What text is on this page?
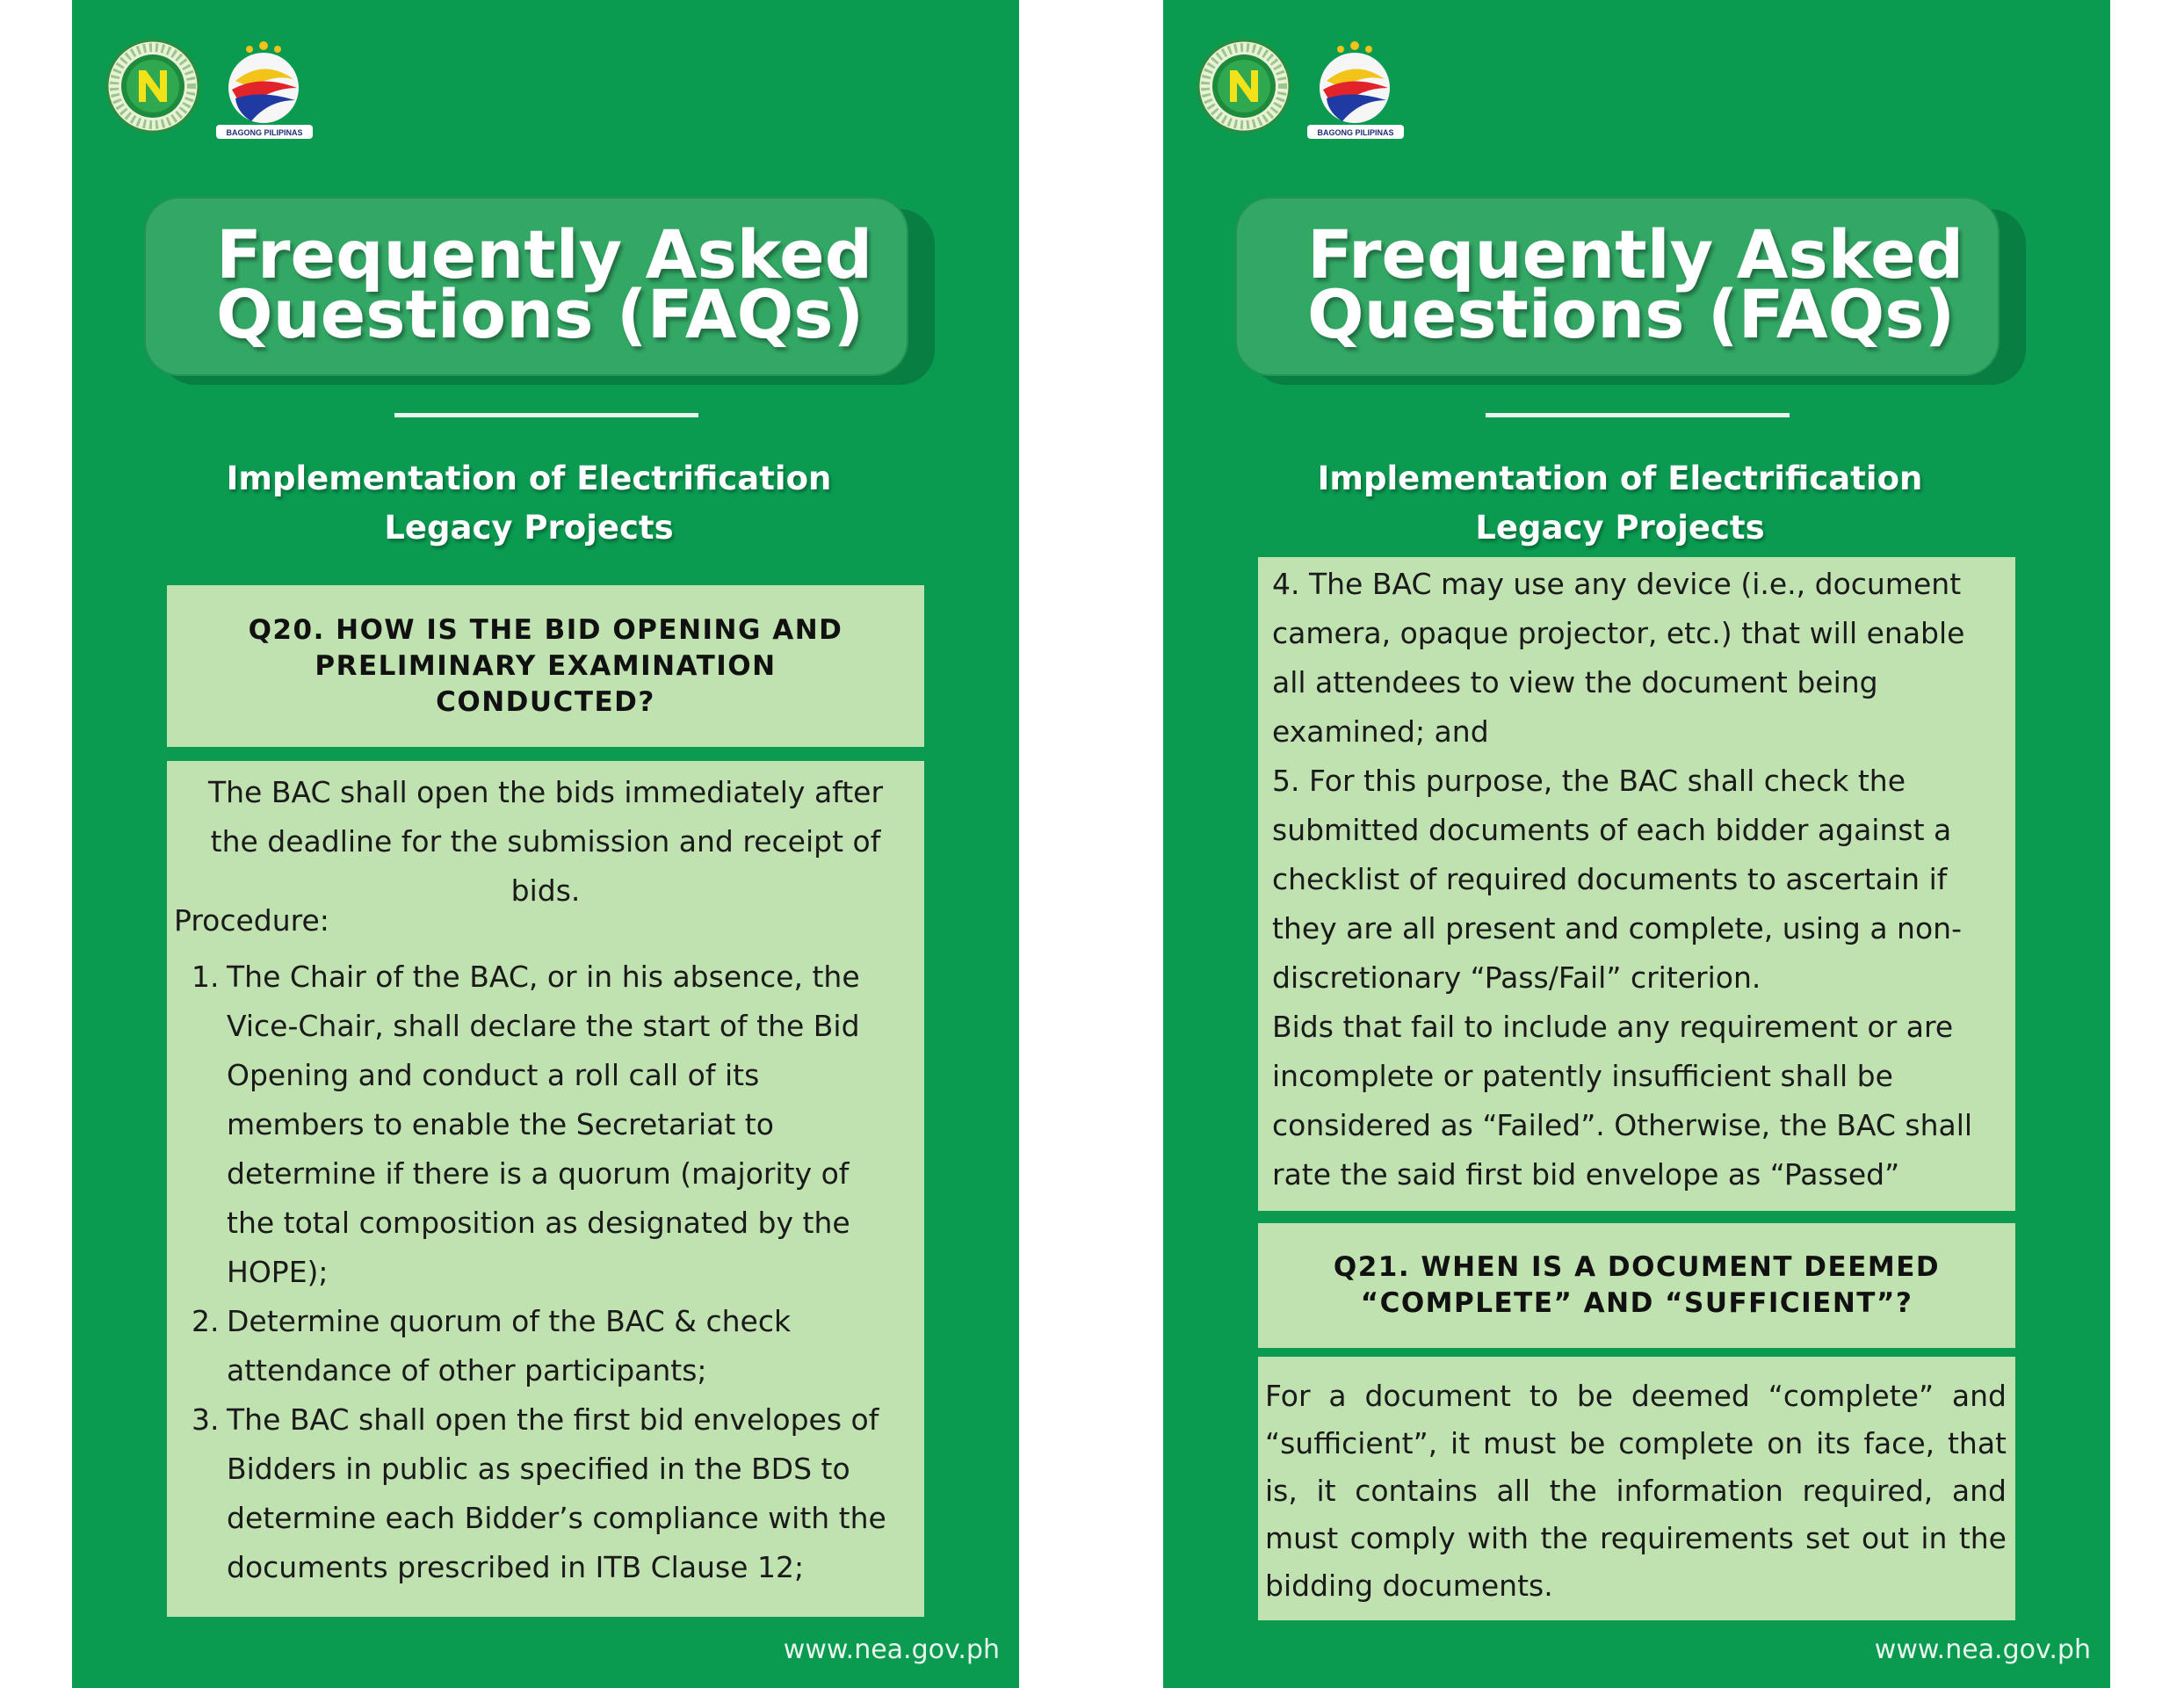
BAGONG PILIPINAS
Frequently Asked
Questions (FAQs)
Implementation of Electrification
Legacy Projects

Q20. HOW IS THE BID OPENING AND
PRELIMINARY EXAMINATION
CONDUCTED?

The BAC shall open the bids immediately after
the deadline for the submission and receipt of
bids.

Procedure:

1. The Chair of the BAC, or in his absence, the
Vice-Chair, shall declare the start of the Bid
Opening and conduct a roll call of its
members to enable the Secretariat to
determine if there is a quorum (majority of
the total composition as designated by the
HOPE);
2. Determine quorum of the BAC & check
attendance of other participants;
3. The BAC shall open the first bid envelopes of
Bidders in public as specified in the BDS to
determine each Bidder’s compliance with the
documents prescribed in ITB Clause 12;

www.nea.gov.ph

BAGONG PILIPINAS
Frequently Asked
Questions (FAQs)
Implementation of Electrification
Legacy Projects

4. The BAC may use any device (i.e., document
camera, opaque projector, etc.) that will enable
all attendees to view the document being
examined; and
5. For this purpose, the BAC shall check the
submitted documents of each bidder against a
checklist of required documents to ascertain if
they are all present and complete, using a non-
discretionary “Pass/Fail” criterion.
Bids that fail to include any requirement or are
incomplete or patently insufficient shall be
considered as “Failed”. Otherwise, the BAC shall
rate the said first bid envelope as “Passed”

Q21. WHEN IS A DOCUMENT DEEMED
“COMPLETE” AND “SUFFICIENT”?

For a document to be deemed “complete” and “sufficient”, it must be complete on its face, that is, it contains all the information required, and must comply with the requirements set out in the bidding documents.

www.nea.gov.ph
